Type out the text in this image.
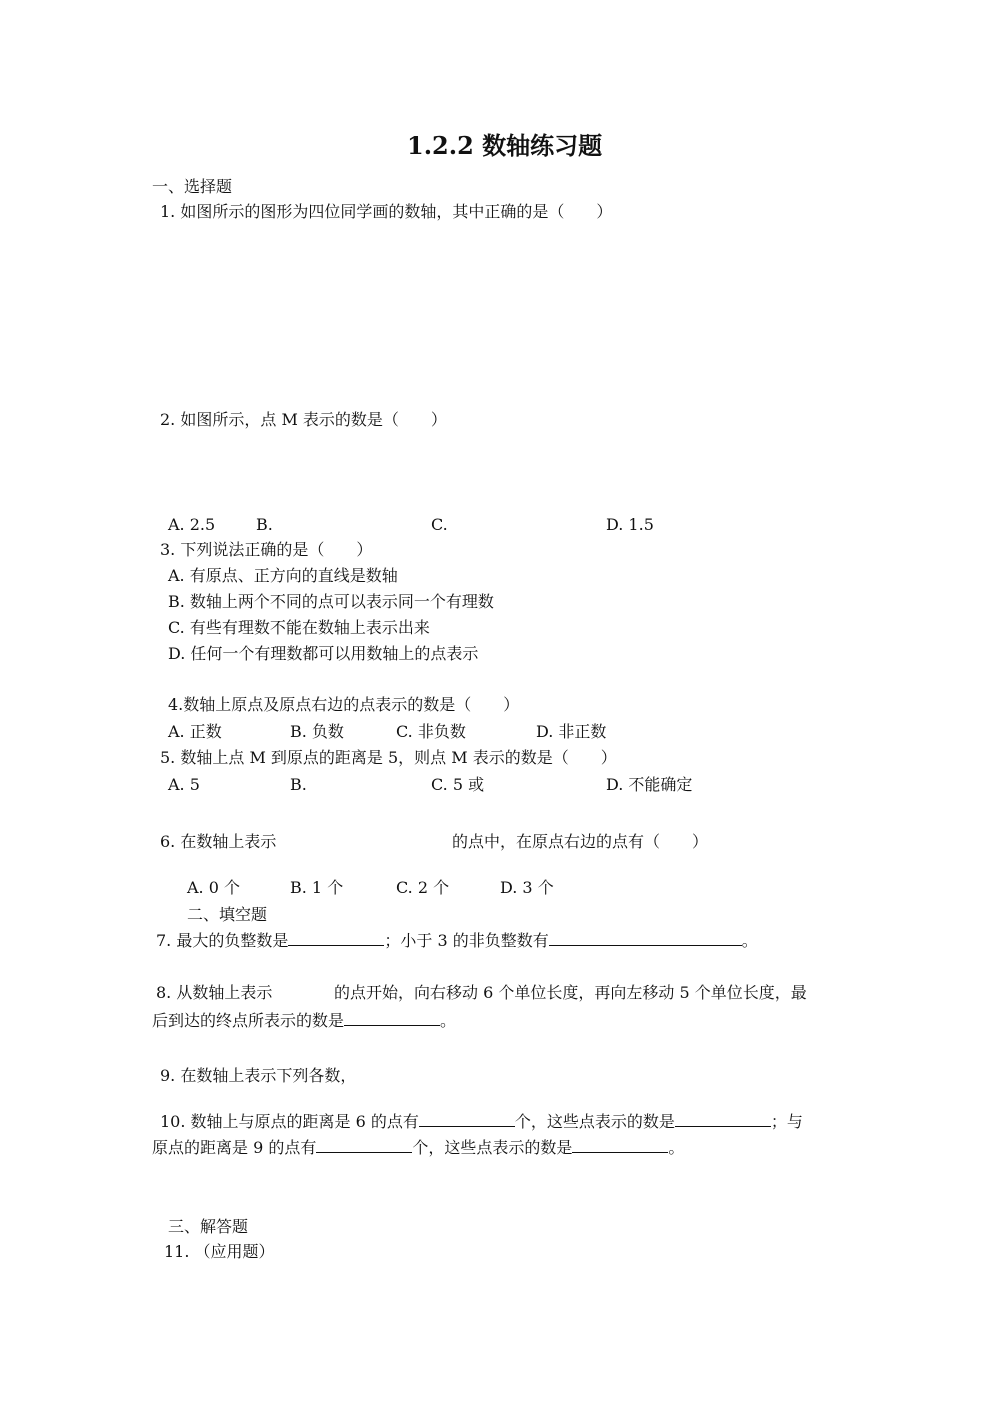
1.2.2 数轴练习题
一、选择题
1. 如图所示的图形为四位同学画的数轴，其中正确的是（　　）
2. 如图所示，点 M 表示的数是（　　）
A. 2.5	B.	C.	D. 1.5
3. 下列说法正确的是（　　）
A. 有原点、正方向的直线是数轴
B. 数轴上两个不同的点可以表示同一个有理数
C. 有些有理数不能在数轴上表示出来
D. 任何一个有理数都可以用数轴上的点表示
4.数轴上原点及原点右边的点表示的数是（　　）
A. 正数	B. 负数	C. 非负数	D. 非正数
5. 数轴上点 M 到原点的距离是 5，则点 M 表示的数是（　　）
A. 5	B.	C. 5 或	D. 不能确定
6. 在数轴上表示	的点中，在原点右边的点有（　　）
A. 0 个	B. 1 个	C. 2 个	D. 3 个
二、填空题
7. 最大的负整数是	；小于 3 的非负整数有	。
8. 从数轴上表示	的点开始，向右移动 6 个单位长度，再向左移动 5 个单位长度，最
后到达的终点所表示的数是	。
9. 在数轴上表示下列各数，
10. 数轴上与原点的距离是 6 的点有	个，这些点表示的数是	；与
原点的距离是 9 的点有	个，这些点表示的数是	。
三、解答题
11. （应用题）
